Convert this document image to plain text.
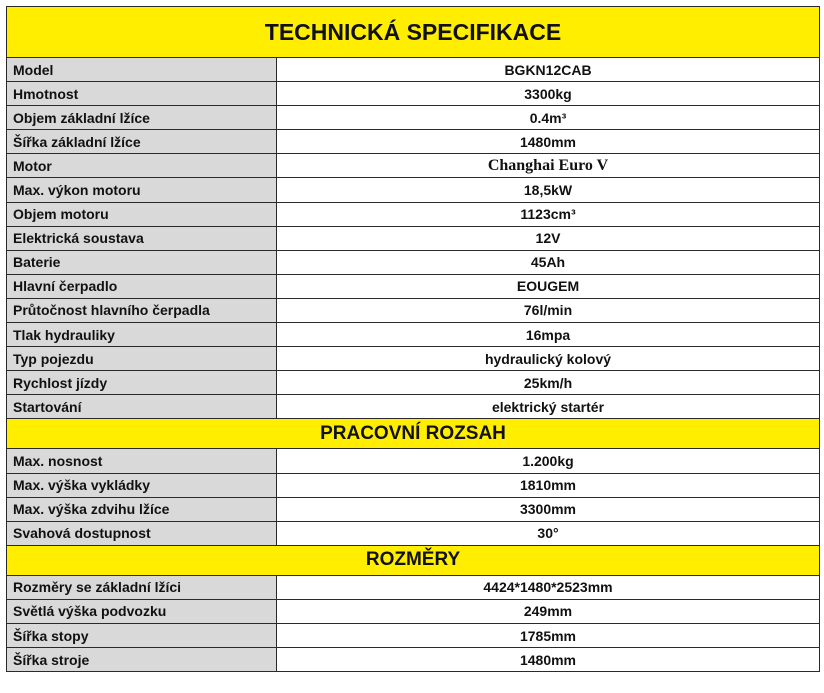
TECHNICKÁ SPECIFIKACE	
Model	BGKN12CAB
Hmotnost	3300kg
Objem základní lžíce	0.4m³
Šířka základní lžíce	1480mm
Motor	Changhai Euro V
Max. výkon motoru	18,5kW
Objem motoru	1123cm³
Elektrická soustava	12V
Baterie	45Ah
Hlavní čerpadlo	EOUGEM
Průtočnost hlavního čerpadla	76l/min
Tlak hydrauliky	16mpa
Typ pojezdu	hydraulický kolový
Rychlost jízdy	25km/h
Startování	elektrický startér
PRACOVNÍ ROZSAH	
Max. nosnost	1.200kg
Max. výška vykládky	1810mm
Max. výška zdvihu lžíce	3300mm
Svahová dostupnost	30°
ROZMĚRY	
Rozměry se základní lžíci	4424*1480*2523mm
Světlá výška podvozku	249mm
Šířka stopy	1785mm
Šířka stroje	1480mm
